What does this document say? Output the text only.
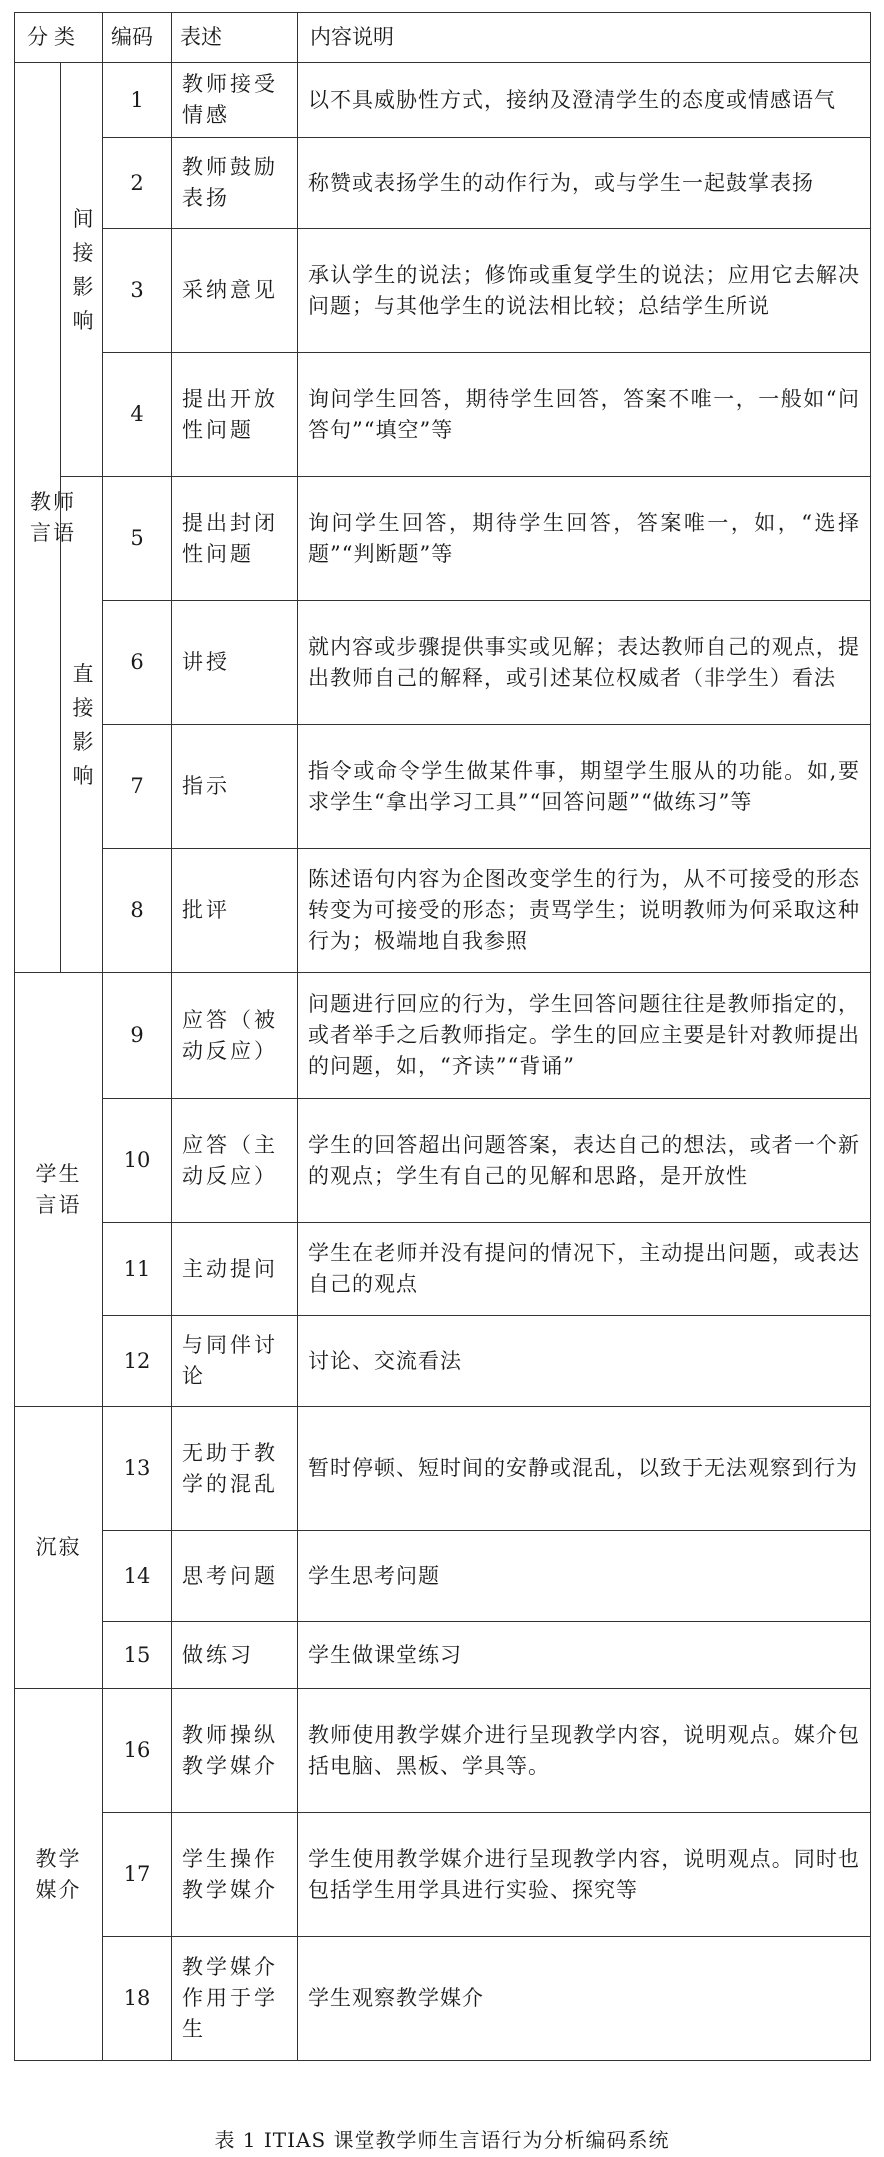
分类		编码	表述	内容说明
教师言语	间接影响	1	教师接受情感	以不具威胁性方式，接纳及澄清学生的态度或情感语气
		2	教师鼓励表扬	称赞或表扬学生的动作行为，或与学生一起鼓掌表扬
		3	采纳意见	承认学生的说法；修饰或重复学生的说法；应用它去解决问题；与其他学生的说法相比较；总结学生所说
		4	提出开放性问题	询问学生回答，期待学生回答，答案不唯一，一般如“问答句”“填空”等
	直接影响	5	提出封闭性问题	询问学生回答，期待学生回答，答案唯一，如，“选择题”“判断题”等
		6	讲授	就内容或步骤提供事实或见解；表达教师自己的观点，提出教师自己的解释，或引述某位权威者（非学生）看法
		7	指示	指令或命令学生做某件事，期望学生服从的功能。如,要求学生“拿出学习工具”“回答问题”“做练习”等
		8	批评	陈述语句内容为企图改变学生的行为，从不可接受的形态转变为可接受的形态；责骂学生；说明教师为何采取这种行为；极端地自我参照
学生言语		9	应答（被动反应）	问题进行回应的行为，学生回答问题往往是教师指定的，或者举手之后教师指定。学生的回应主要是针对教师提出的问题，如，“齐读”“背诵”
		10	应答（主动反应）	学生的回答超出问题答案，表达自己的想法，或者一个新的观点；学生有自己的见解和思路，是开放性
		11	主动提问	学生在老师并没有提问的情况下，主动提出问题，或表达自己的观点
		12	与同伴讨论	讨论、交流看法
沉寂		13	无助于教学的混乱	暂时停顿、短时间的安静或混乱，以致于无法观察到行为
		14	思考问题	学生思考问题
		15	做练习	学生做课堂练习
教学媒介		16	教师操纵教学媒介	教师使用教学媒介进行呈现教学内容，说明观点。媒介包括电脑、黑板、学具等。
		17	学生操作教学媒介	学生使用教学媒介进行呈现教学内容，说明观点。同时也包括学生用学具进行实验、探究等
		18	教学媒介作用于学生	学生观察教学媒介
表 1 ITIAS 课堂教学师生言语行为分析编码系统
